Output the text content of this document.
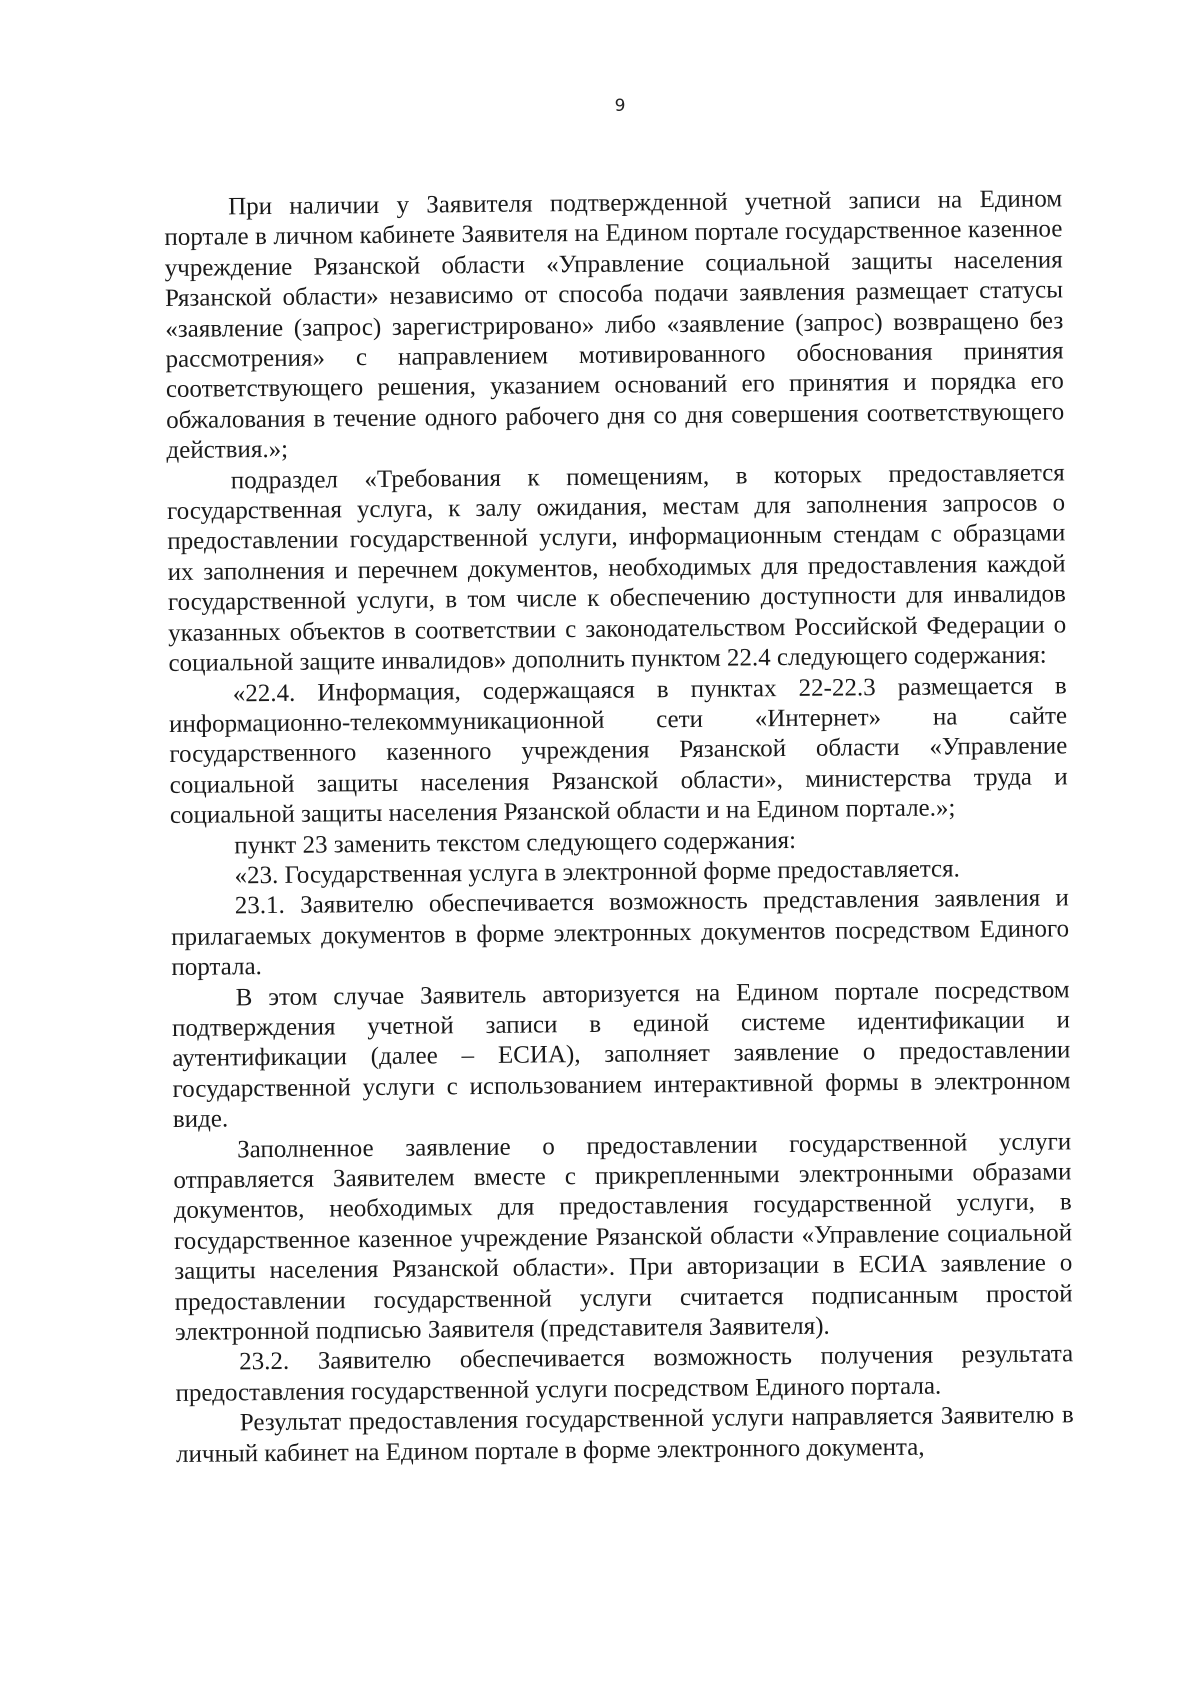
9

При наличии у Заявителя подтвержденной учетной записи на Едином портале в личном кабинете Заявителя на Едином портале государственное казенное учреждение Рязанской области «Управление социальной защиты населения Рязанской области» независимо от способа подачи заявления размещает статусы «заявление (запрос) зарегистрировано» либо «заявление (запрос) возвращено без рассмотрения» с направлением мотивированного обоснования принятия соответствующего решения, указанием оснований его принятия и порядка его обжалования в течение одного рабочего дня со дня совершения соответствующего действия.»;

подраздел «Требования к помещениям, в которых предоставляется государственная услуга, к залу ожидания, местам для заполнения запросов о предоставлении государственной услуги, информационным стендам с образцами их заполнения и перечнем документов, необходимых для предоставления каждой государственной услуги, в том числе к обеспечению доступности для инвалидов указанных объектов в соответствии с законодательством Российской Федерации о социальной защите инвалидов» дополнить пунктом 22.4 следующего содержания:

«22.4. Информация, содержащаяся в пунктах 22-22.3 размещается в информационно-телекоммуникационной сети «Интернет» на сайте государственного казенного учреждения Рязанской области «Управление социальной защиты населения Рязанской области», министерства труда и социальной защиты населения Рязанской области и на Едином портале.»;

пункт 23 заменить текстом следующего содержания:

«23. Государственная услуга в электронной форме предоставляется.

23.1. Заявителю обеспечивается возможность представления заявления и прилагаемых документов в форме электронных документов посредством Единого портала.

В этом случае Заявитель авторизуется на Едином портале посредством подтверждения учетной записи в единой системе идентификации и аутентификации (далее – ЕСИА), заполняет заявление о предоставлении государственной услуги с использованием интерактивной формы в электронном виде.

Заполненное заявление о предоставлении государственной услуги отправляется Заявителем вместе с прикрепленными электронными образами документов, необходимых для предоставления государственной услуги, в государственное казенное учреждение Рязанской области «Управление социальной защиты населения Рязанской области». При авторизации в ЕСИА заявление о предоставлении государственной услуги считается подписанным простой электронной подписью Заявителя (представителя Заявителя).

23.2. Заявителю обеспечивается возможность получения результата предоставления государственной услуги посредством Единого портала.

Результат предоставления государственной услуги направляется Заявителю в личный кабинет на Едином портале в форме электронного документа,
